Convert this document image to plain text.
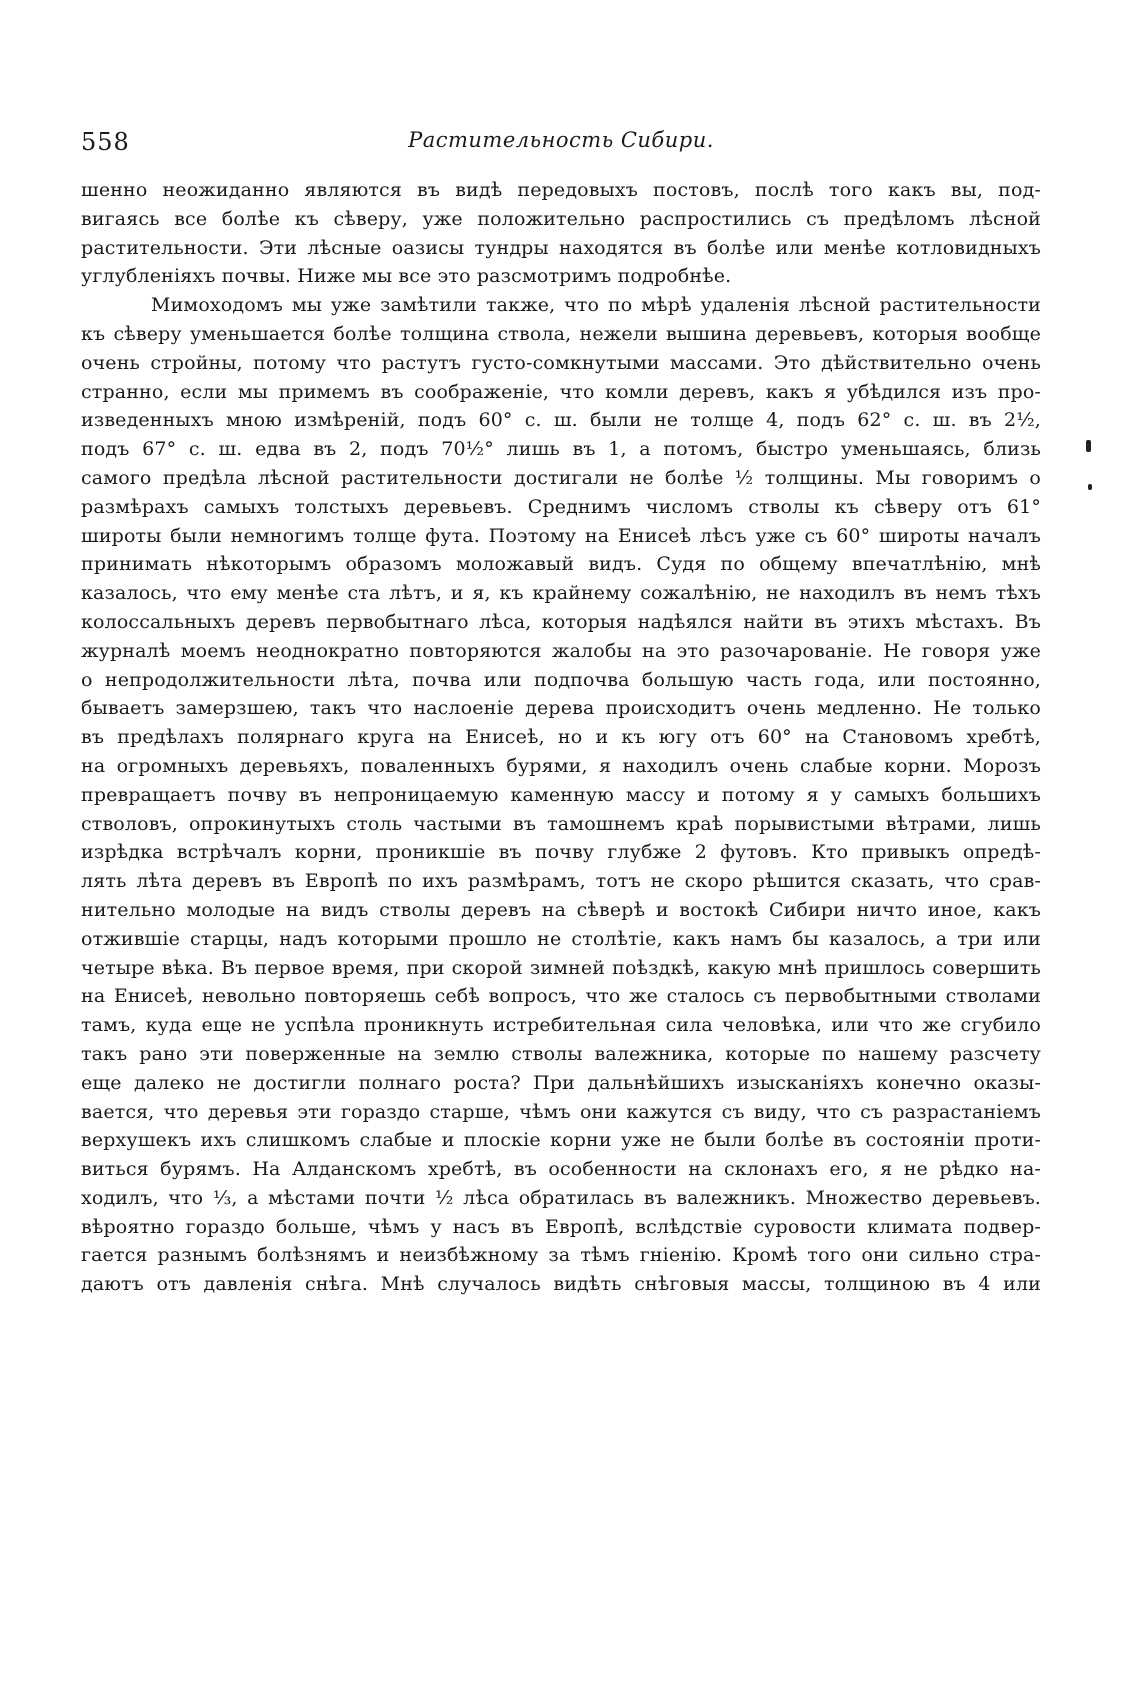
558	Растительность Сибири.

шенно неожиданно являются въ видѣ передовыхъ постовъ, послѣ того какъ вы, под-

вигаясь все болѣе къ сѣверу, уже положительно распростились съ предѣломъ лѣсной

растительности. Эти лѣсные оазисы тундры находятся въ болѣе или менѣе котловидныхъ

углубленіяхъ почвы. Ниже мы все это разсмотримъ подробнѣе.

Мимоходомъ мы уже замѣтили также, что по мѣрѣ удаленія лѣсной растительности

къ сѣверу уменьшается болѣе толщина ствола, нежели вышина деревьевъ, которыя вообще

очень стройны, потому что растутъ густо-сомкнутыми массами. Это дѣйствительно очень

странно, если мы примемъ въ соображеніе, что комли деревъ, какъ я убѣдился изъ про-

изведенныхъ мною измѣреній, подъ 60° с. ш. были не толще 4, подъ 62° с. ш. въ 2½,

подъ 67° с. ш. едва въ 2, подъ 70½° лишь въ 1, а потомъ, быстро уменьшаясь, близь

самого предѣла лѣсной растительности достигали не болѣе ½ толщины. Мы говоримъ о

размѣрахъ самыхъ толстыхъ деревьевъ. Среднимъ числомъ стволы къ сѣверу отъ 61°

широты были немногимъ толще фута. Поэтому на Енисеѣ лѣсъ уже съ 60° широты началъ

принимать нѣкоторымъ образомъ моложавый видъ. Судя по общему впечатлѣнію, мнѣ

казалось, что ему менѣе ста лѣтъ, и я, къ крайнему сожалѣнію, не находилъ въ немъ тѣхъ

колоссальныхъ деревъ первобытнаго лѣса, которыя надѣялся найти въ этихъ мѣстахъ. Въ

журналѣ моемъ неоднократно повторяются жалобы на это разочарованіе. Не говоря уже

о непродолжительности лѣта, почва или подпочва большую часть года, или постоянно,

бываетъ замерзшею, такъ что наслоеніе дерева происходитъ очень медленно. Не только

въ предѣлахъ полярнаго круга на Енисеѣ, но и къ югу отъ 60° на Становомъ хребтѣ,

на огромныхъ деревьяхъ, поваленныхъ бурями, я находилъ очень слабые корни. Морозъ

превращаетъ почву въ непроницаемую каменную массу и потому я у самыхъ большихъ

стволовъ, опрокинутыхъ столь частыми въ тамошнемъ краѣ порывистыми вѣтрами, лишь

изрѣдка встрѣчалъ корни, проникшіе въ почву глубже 2 футовъ. Кто привыкъ опредѣ-

лять лѣта деревъ въ Европѣ по ихъ размѣрамъ, тотъ не скоро рѣшится сказать, что срав-

нительно молодые на видъ стволы деревъ на сѣверѣ и востокѣ Сибири ничто иное, какъ

отжившіе старцы, надъ которыми прошло не столѣтіе, какъ намъ бы казалось, а три или

четыре вѣка. Въ первое время, при скорой зимней поѣздкѣ, какую мнѣ пришлось совершить

на Енисеѣ, невольно повторяешь себѣ вопросъ, что же сталось съ первобытными стволами

тамъ, куда еще не успѣла проникнуть истребительная сила человѣка, или что же сгубило

такъ рано эти поверженные на землю стволы валежника, которые по нашему разсчету

еще далеко не достигли полнаго роста? При дальнѣйшихъ изысканіяхъ конечно оказы-

вается, что деревья эти гораздо старше, чѣмъ они кажутся съ виду, что съ разрастаніемъ

верхушекъ ихъ слишкомъ слабые и плоскіе корни уже не были болѣе въ состояніи проти-

виться бурямъ. На Алданскомъ хребтѣ, въ особенности на склонахъ его, я не рѣдко на-

ходилъ, что ⅓, а мѣстами почти ½ лѣса обратилась въ валежникъ. Множество деревьевъ.

вѣроятно гораздо больше, чѣмъ у насъ въ Европѣ, вслѣдствіе суровости климата подвер-

гается разнымъ болѣзнямъ и неизбѣжному за тѣмъ гніенію. Кромѣ того они сильно стра-

даютъ отъ давленія снѣга. Мнѣ случалось видѣть снѣговыя массы, толщиною въ 4 или
